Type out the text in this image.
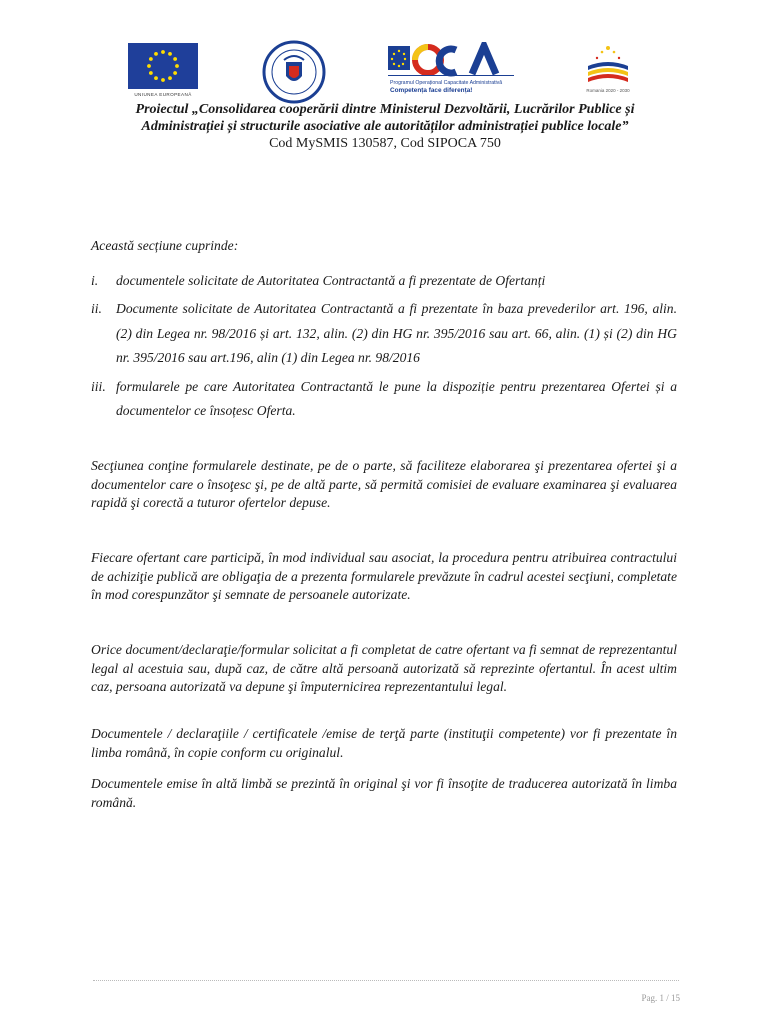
UNIUNEA EUROPEANĂ
Programul Operațional Capacitate Administrativă
Competența face diferența!	Romania 2020 - 2030
Proiectul „Consolidarea cooperării dintre Ministerul Dezvoltării, Lucrărilor Publice și
Administrației și structurile asociative ale autorităților administrației publice locale”
Cod MySMIS 130587, Cod SIPOCA 750
Această secțiune cuprinde:
i. documentele solicitate de Autoritatea Contractantă a fi prezentate de Ofertanți
ii. Documente solicitate de Autoritatea Contractantă a fi prezentate în baza prevederilor art. 196, alin. (2) din Legea nr. 98/2016 și art. 132, alin. (2) din HG nr. 395/2016 sau art. 66, alin. (1) și (2) din HG nr. 395/2016 sau art.196, alin (1) din Legea nr. 98/2016
iii. formularele pe care Autoritatea Contractantă le pune la dispoziție pentru prezentarea Ofertei și a documentelor ce însoțesc Oferta.
Secţiunea conţine formularele destinate, pe de o parte, să faciliteze elaborarea şi prezentarea ofertei şi a documentelor care o însoţesc şi, pe de altă parte, să permită comisiei de evaluare examinarea şi evaluarea rapidă şi corectă a tuturor ofertelor depuse.
Fiecare ofertant care participă, în mod individual sau asociat, la procedura pentru atribuirea contractului de achiziţie publică are obligaţia de a prezenta formularele prevăzute în cadrul acestei secţiuni, completate în mod corespunzător şi semnate de persoanele autorizate.
Orice document/declaraţie/formular solicitat a fi completat de catre ofertant va fi semnat de reprezentantul legal al acestuia sau, după caz, de către altă persoană autorizată să reprezinte ofertantul. În acest ultim caz, persoana autorizată va depune şi împuternicirea reprezentantului legal.
Documentele / declaraţiile / certificatele /emise de terţă parte (instituţii competente) vor fi prezentate în limba română, în copie conform cu originalul.
Documentele emise în altă limbă se prezintă în original şi vor fi însoţite de traducerea autorizată în limba română.
Pag. 1 / 15
